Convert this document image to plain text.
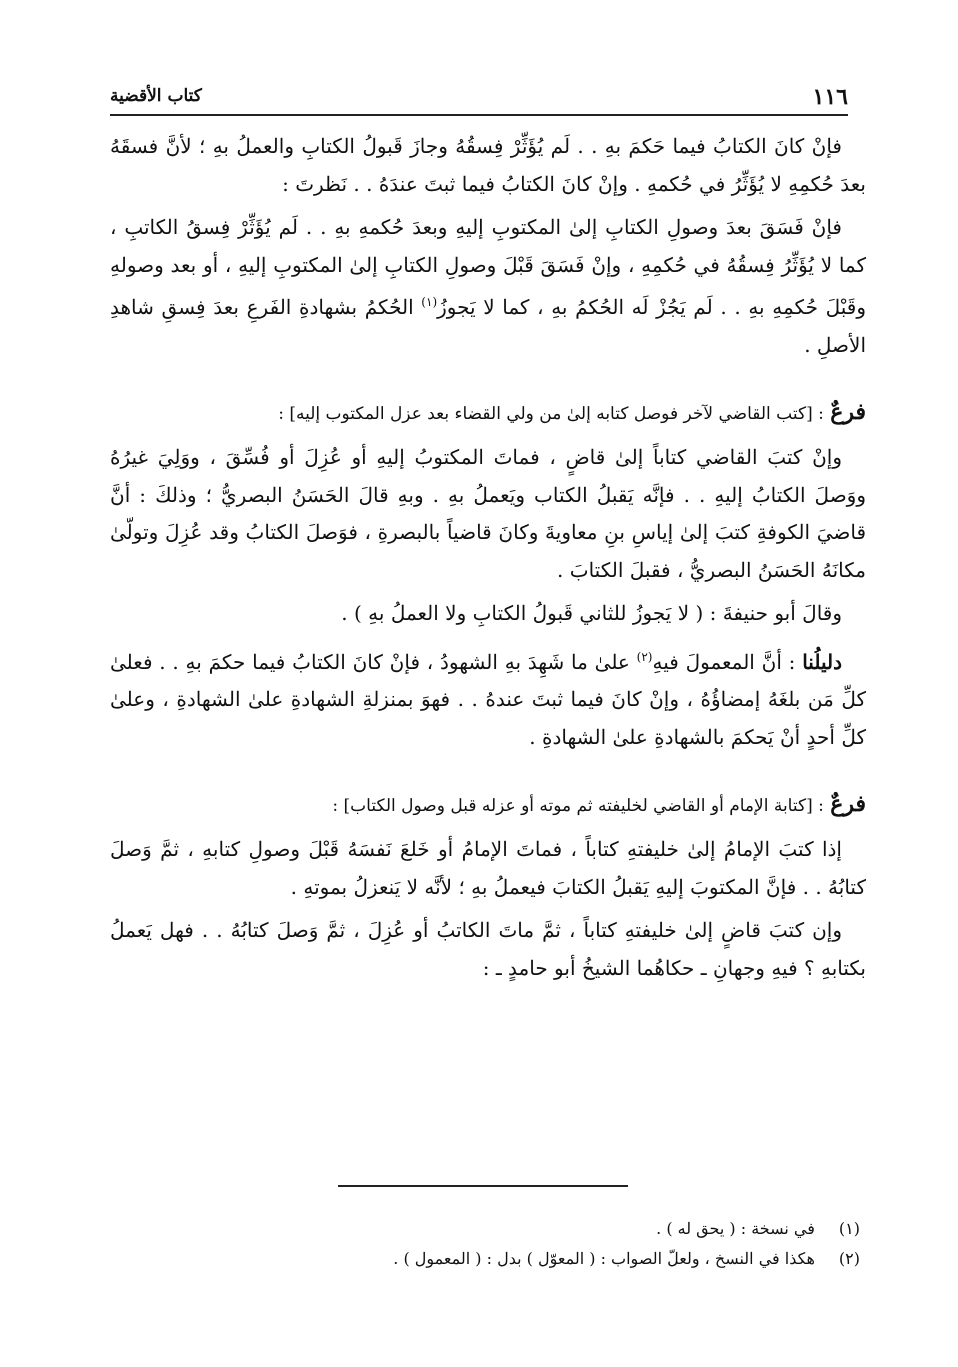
١١٦
كتاب الأقضية

فإنْ كانَ الكتابُ فيما حَكمَ بهِ . . لَم يُؤَثِّرْ فِسقُهُ وجازَ قَبولُ الكتابِ والعملُ بهِ ؛ لأنَّ فسقَهُ بعدَ حُكمِهِ لا يُؤَثِّرُ في حُكمهِ . وإنْ كانَ الكتابُ فيما ثبتَ عندَهُ . . نَظرتَ :

فإنْ فَسَقَ بعدَ وصولِ الكتابِ إلىٰ المكتوبِ إليهِ وبعدَ حُكمهِ بهِ . . لَم يُؤَثِّرْ فِسقُ الكاتبِ ، كما لا يُؤَثِّرُ فِسقُهُ في حُكمِهِ ، وإنْ فَسَقَ قَبْلَ وصولِ الكتابِ إلىٰ المكتوبِ إليهِ ، أو بعد وصولهِ وقَبْلَ حُكمِهِ بهِ . . لَم يَجُزْ لَه الحُكمُ بهِ ، كما لا يَجوزُ$^{(١)}$ الحُكمُ بشهادةِ الفَرعِ بعدَ فِسقِ شاهدِ الأصلِ .

فرعٌ : [كتب القاضي لآخر فوصل كتابه إلىٰ من ولي القضاء بعد عزل المكتوب إليه] :

وإنْ كتبَ القاضي كتاباً إلىٰ قاضٍ ، فماتَ المكتوبُ إليهِ أو عُزِلَ أو فُسِّقَ ، ووَلِيَ غيرُهُ ووَصلَ الكتابُ إليهِ . . فإنَّه يَقبلُ الكتاب ويَعملُ بهِ . وبهِ قالَ الحَسَنُ البصريُّ ؛ وذلكَ : أنَّ قاضيَ الكوفةِ كتبَ إلىٰ إياسِ بنِ معاويةَ وكانَ قاضياً بالبصرةِ ، فوَصلَ الكتابُ وقد عُزِلَ وتولّىٰ مكانَهُ الحَسَنُ البصريُّ ، فقبلَ الكتابَ .

وقالَ أبو حنيفةَ : ( لا يَجوزُ للثاني قَبولُ الكتابِ ولا العملُ بهِ ) .

دليلُنا : أنَّ المعمولَ فيهِ$^{(٢)}$ علىٰ ما شَهِدَ بهِ الشهودُ ، فإنْ كانَ الكتابُ فيما حكمَ بهِ . . فعلىٰ كلِّ مَن بلغَهُ إمضاؤُهُ ، وإنْ كانَ فيما ثبتَ عندهُ . . فهوَ بمنزلةِ الشهادةِ علىٰ الشهادةِ ، وعلىٰ كلِّ أحدٍ أنْ يَحكمَ بالشهادةِ علىٰ الشهادةِ .

فرعٌ : [كتابة الإمام أو القاضي لخليفته ثم موته أو عزله قبل وصول الكتاب] :

إذا كتبَ الإمامُ إلىٰ خليفتهِ كتاباً ، فماتَ الإمامُ أو خَلعَ نَفسَهُ قَبْلَ وصولِ كتابهِ ، ثمَّ وَصلَ كتابُهُ . . فإنَّ المكتوبَ إليهِ يَقبلُ الكتابَ فيعملُ بهِ ؛ لأنَّه لا يَنعزلُ بموتهِ .

وإن كتبَ قاضٍ إلىٰ خليفتهِ كتاباً ، ثمَّ ماتَ الكاتبُ أو عُزِلَ ، ثمَّ وَصلَ كتابُهُ . . فهل يَعملُ بكتابهِ ؟ فيهِ وجهانِ ـ حكاهُما الشيخُ أبو حامدٍ ـ :

(١) في نسخة : ( يحق له ) .

(٢) هكذا في النسخ ، ولعلّ الصواب : ( المعوّل ) بدل : ( المعمول ) .
